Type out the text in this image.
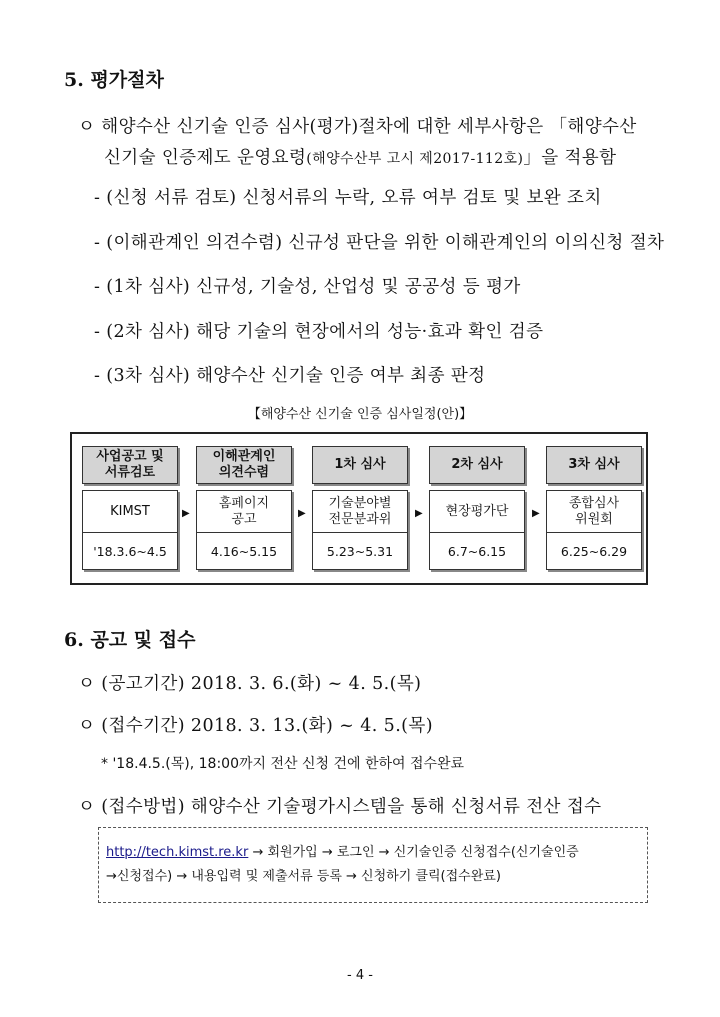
5. 평가절차
ㅇ 해양수산 신기술 인증 심사(평가)절차에 대한 세부사항은 「해양수산
신기술 인증제도 운영요령(해양수산부 고시 제2017-112호)」을 적용함
- (신청 서류 검토) 신청서류의 누락, 오류 여부 검토 및 보완 조치
- (이해관계인 의견수렴) 신규성 판단을 위한 이해관계인의 이의신청 절차
- (1차 심사) 신규성, 기술성, 산업성 및 공공성 등 평가
- (2차 심사) 해당 기술의 현장에서의 성능·효과 확인 검증
- (3차 심사) 해양수산 신기술 인증 여부 최종 판정
【해양수산 신기술 인증 심사일정(안)】
사업공고 및
서류검토
KIMST
'18.3.6~4.5
▶
이해관계인
의견수렴
홈페이지
공고
4.16~5.15
▶
1차 심사
기술분야별
전문분과위
5.23~5.31
▶
2차 심사
현장평가단
6.7~6.15
▶
3차 심사
종합심사
위원회
6.25~6.29
6. 공고 및 접수
ㅇ (공고기간) 2018. 3. 6.(화) ~ 4. 5.(목)
ㅇ (접수기간) 2018. 3. 13.(화) ~ 4. 5.(목)
* '18.4.5.(목), 18:00까지 전산 신청 건에 한하여 접수완료
ㅇ (접수방법) 해양수산 기술평가시스템을 통해 신청서류 전산 접수
http://tech.kimst.re.kr → 회원가입 → 로그인 → 신기술인증 신청접수(신기술인증
→신청접수) → 내용입력 및 제출서류 등록 → 신청하기 클릭(접수완료)
- 4 -
